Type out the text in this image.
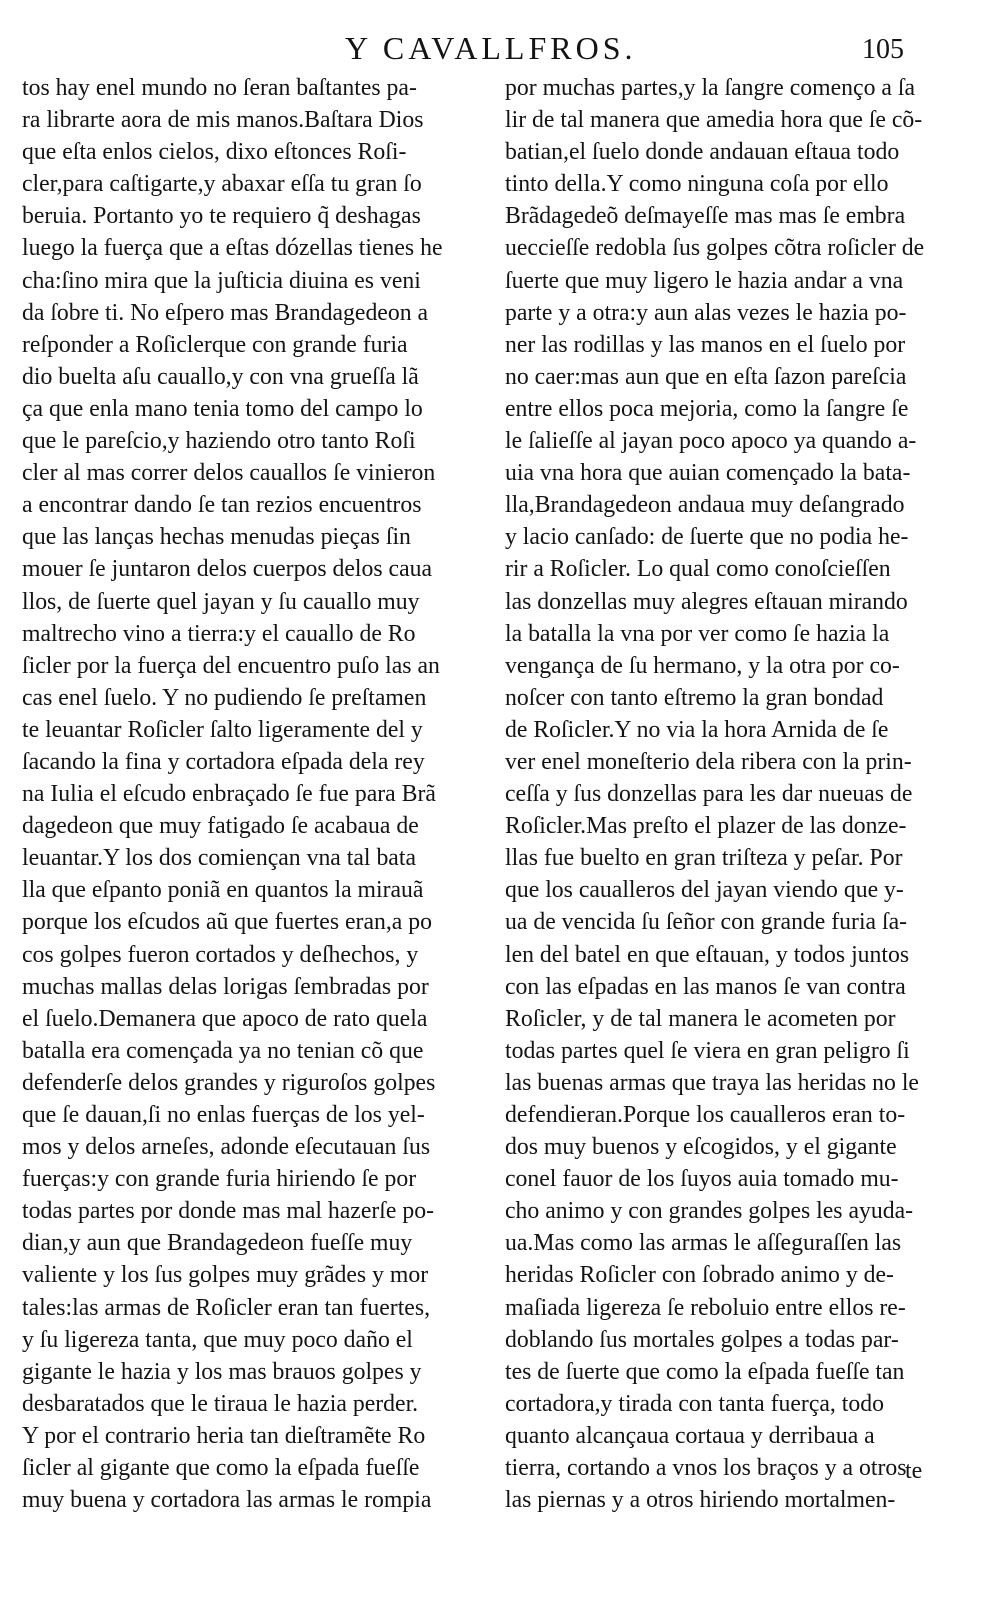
Y CAVALLFROS.	105
tos hay enel mundo no ſeran baſtantes pa-
ra librarte aora de mis manos.Baſtara Dios
que eſta enlos cielos, dixo eſtonces Roſi-
cler,para caſtigarte,y abaxar eſſa tu gran ſo
beruia. Portanto yo te requiero q̃ deshagas
luego la fuerça que a eſtas dózellas tienes he
cha:ſino mira que la juſticia diuina es veni
da ſobre ti. No eſpero mas Brandagedeon a
reſponder a Roſiclerque con grande furia
dio buelta aſu cauallo,y con vna grueſſa lã
ça que enla mano tenia tomo del campo lo
que le pareſcio,y haziendo otro tanto Roſi
cler al mas correr delos cauallos ſe vinieron
a encontrar dando ſe tan rezios encuentros
que las lanças hechas menudas pieças ſin
mouer ſe juntaron delos cuerpos delos caua
llos, de ſuerte quel jayan y ſu cauallo muy
maltrecho vino a tierra:y el cauallo de Ro
ſicler por la fuerça del encuentro puſo las an
cas enel ſuelo. Y no pudiendo ſe preſtamen
te leuantar Roſicler ſalto ligeramente del y
ſacando la fina y cortadora eſpada dela rey
na Iulia el eſcudo enbraçado ſe fue para Brã
dagedeon que muy fatigado ſe acabaua de
leuantar.Y los dos comiençan vna tal bata
lla que eſpanto poniã en quantos la mirauã
porque los eſcudos aũ que fuertes eran,a po
cos golpes fueron cortados y deſhechos, y
muchas mallas delas lorigas ſembradas por
el ſuelo.Demanera que apoco de rato quela
batalla era començada ya no tenian cõ que
defenderſe delos grandes y riguroſos golpes
que ſe dauan,ſi no enlas fuerças de los yel-
mos y delos arneſes, adonde eſecutauan ſus
fuerças:y con grande furia hiriendo ſe por
todas partes por donde mas mal hazerſe po-
dian,y aun que Brandagedeon fueſſe muy
valiente y los ſus golpes muy grãdes y mor
tales:las armas de Roſicler eran tan fuertes,
y ſu ligereza tanta, que muy poco daño el
gigante le hazia y los mas brauos golpes y
desbaratados que le tiraua le hazia perder.
Y por el contrario heria tan dieſtramẽte Ro
ſicler al gigante que como la eſpada fueſſe
muy buena y cortadora las armas le rompia
por muchas partes,y la ſangre començo a ſa
lir de tal manera que amedia hora que ſe cõ-
batian,el ſuelo donde andauan eſtaua todo
tinto della.Y como ninguna coſa por ello
Brãdagedeõ deſmayeſſe mas mas ſe embra
ueccieſſe redobla ſus golpes cõtra roſicler de
ſuerte que muy ligero le hazia andar a vna
parte y a otra:y aun alas vezes le hazia po-
ner las rodillas y las manos en el ſuelo por
no caer:mas aun que en eſta ſazon pareſcia
entre ellos poca mejoria, como la ſangre ſe
le ſalieſſe al jayan poco apoco ya quando a-
uia vna hora que auian començado la bata-
lla,Brandagedeon andaua muy deſangrado
y lacio canſado: de ſuerte que no podia he-
rir a Roſicler. Lo qual como conoſcieſſen
las donzellas muy alegres eſtauan mirando
la batalla la vna por ver como ſe hazia la
vengança de ſu hermano, y la otra por co-
noſcer con tanto eſtremo la gran bondad
de Roſicler.Y no via la hora Arnida de ſe
ver enel moneſterio dela ribera con la prin-
ceſſa y ſus donzellas para les dar nueuas de
Roſicler.Mas preſto el plazer de las donze-
llas fue buelto en gran triſteza y peſar. Por
que los caualleros del jayan viendo que y-
ua de vencida ſu ſeñor con grande furia ſa-
len del batel en que eſtauan, y todos juntos
con las eſpadas en las manos ſe van contra
Roſicler, y de tal manera le acometen por
todas partes quel ſe viera en gran peligro ſi
las buenas armas que traya las heridas no le
defendieran.Porque los caualleros eran to-
dos muy buenos y eſcogidos, y el gigante
conel fauor de los ſuyos auia tomado mu-
cho animo y con grandes golpes les ayuda-
ua.Mas como las armas le aſſeguraſſen las
heridas Roſicler con ſobrado animo y de-
maſiada ligereza ſe reboluio entre ellos re-
doblando ſus mortales golpes a todas par-
tes de ſuerte que como la eſpada fueſſe tan
cortadora,y tirada con tanta fuerça, todo
quanto alcançaua cortaua y derribaua a
tierra, cortando a vnos los braços y a otros
las piernas y a otros hiriendo mortalmen-
te
